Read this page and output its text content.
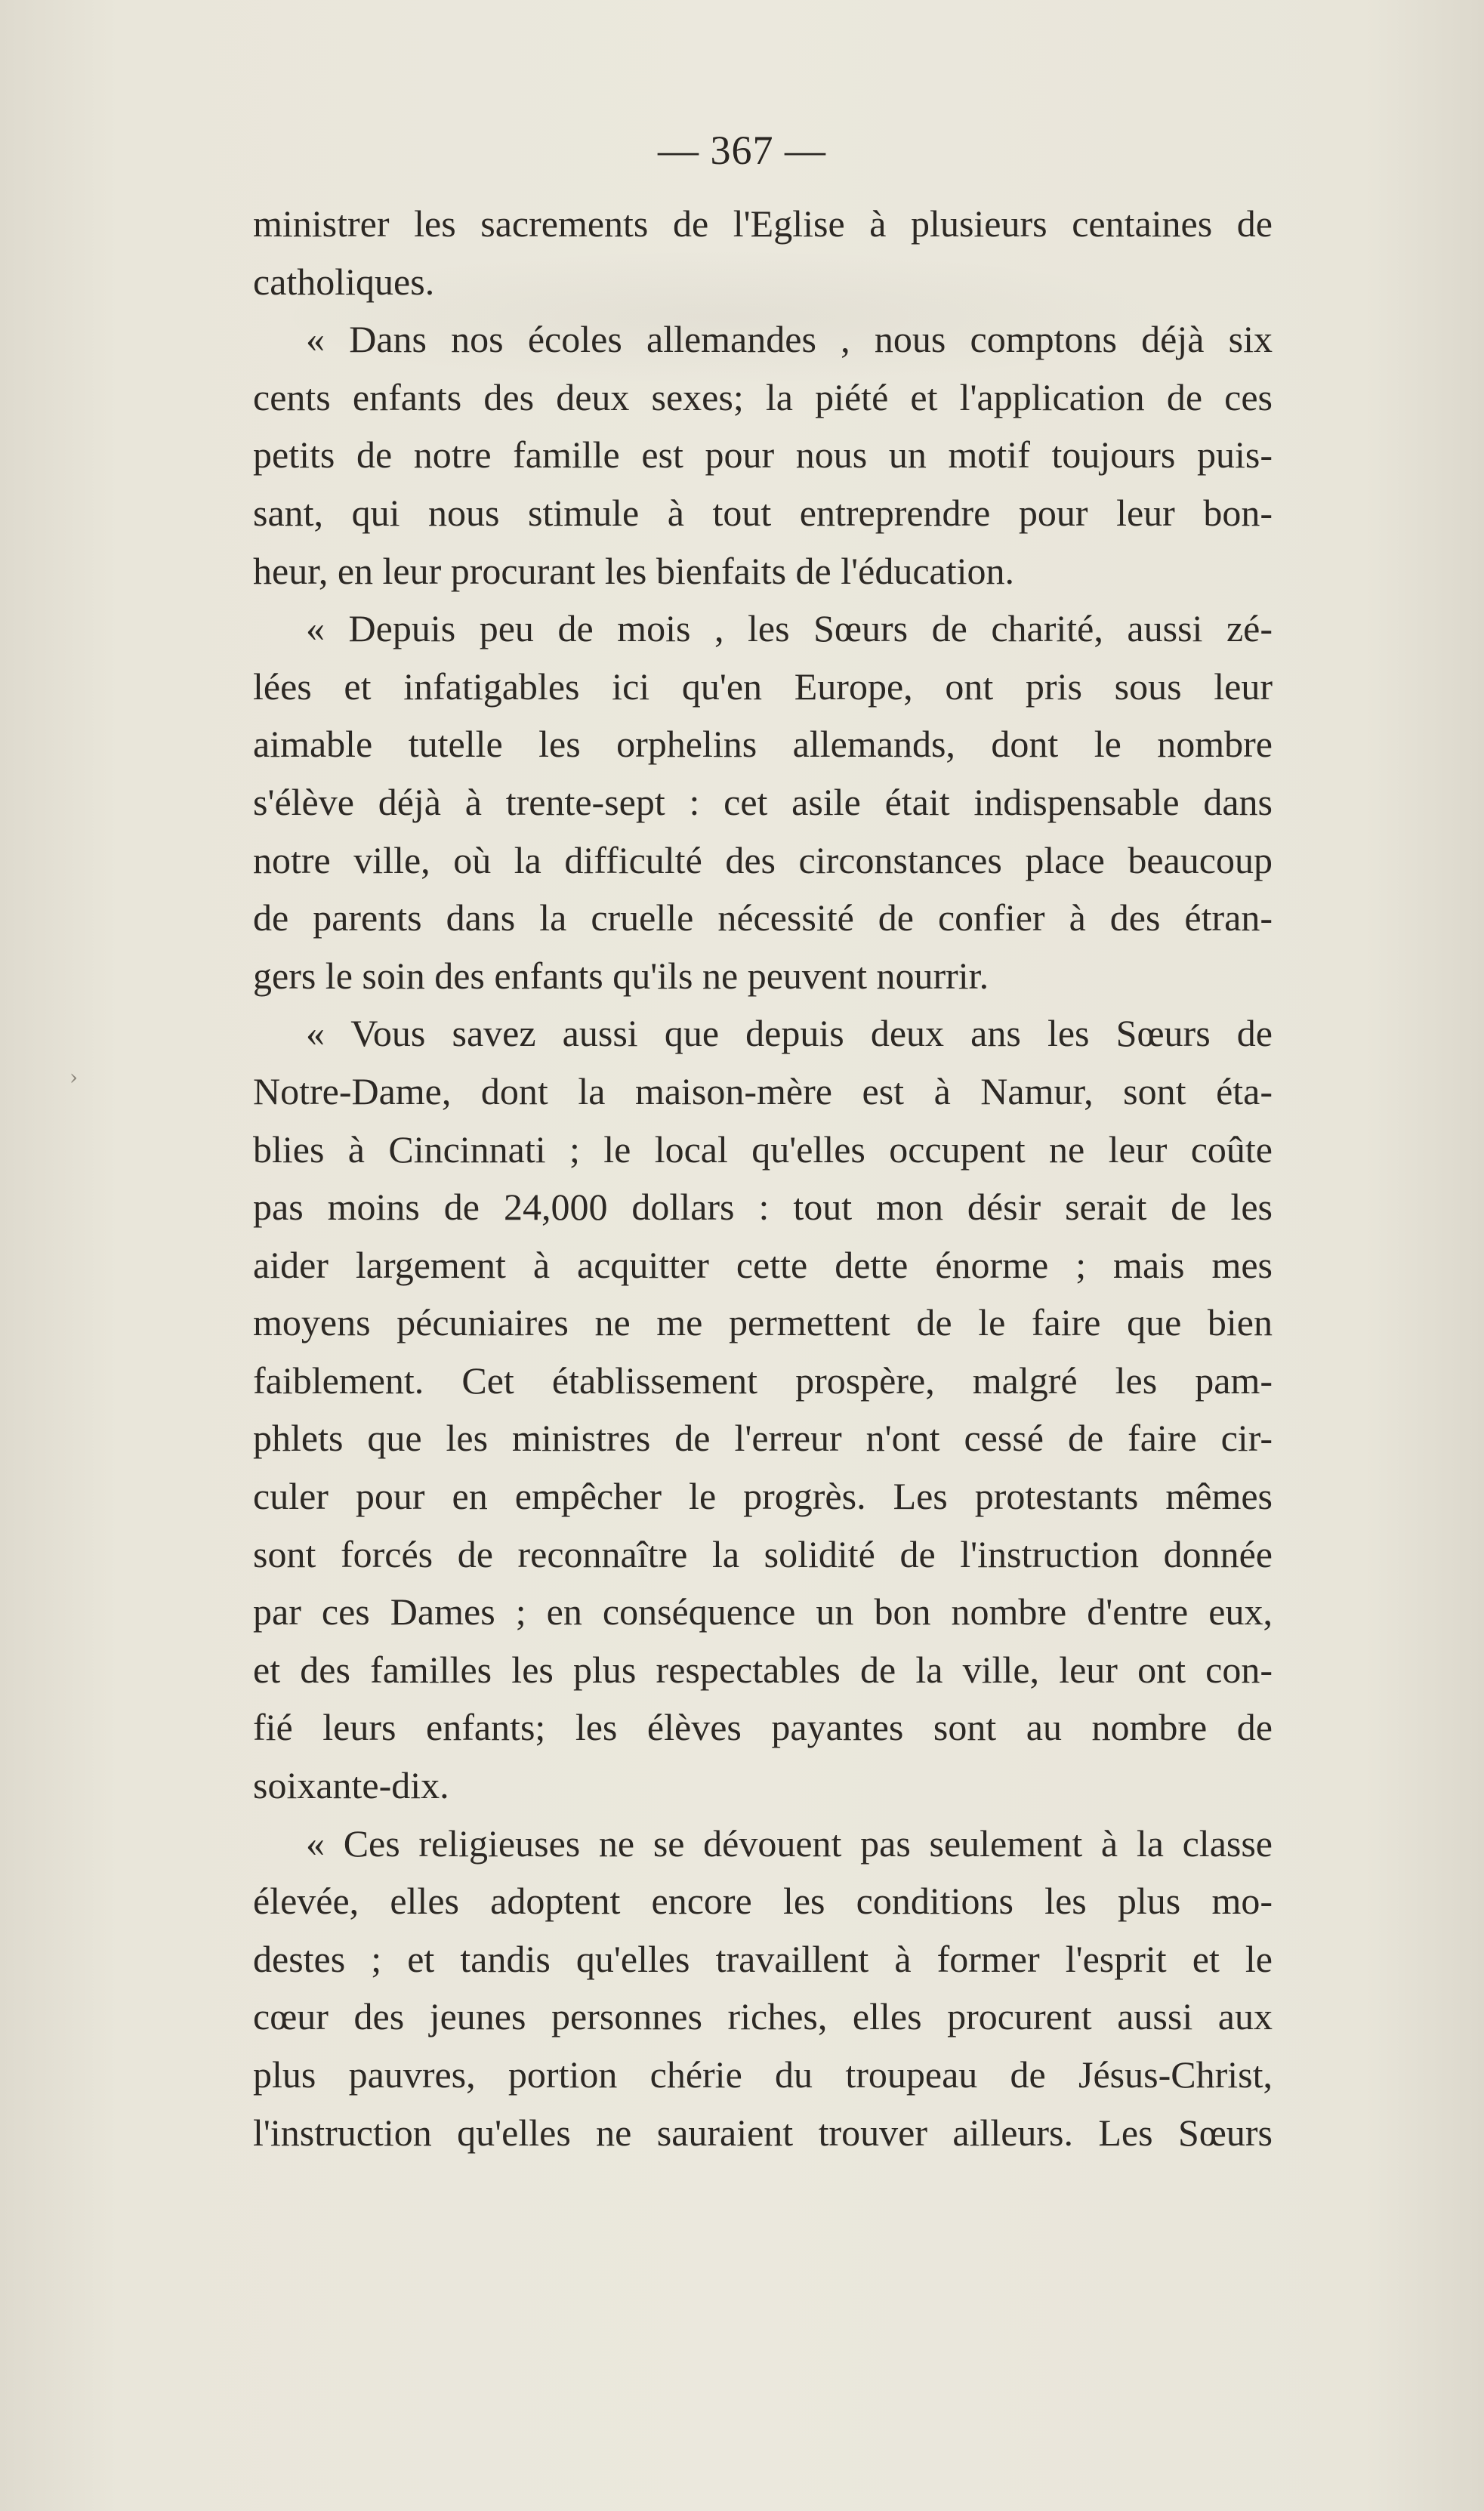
— 367 —
›
ministrer les sacrements de l'Eglise à plusieurs centaines de
catholiques.
« Dans nos écoles allemandes , nous comptons déjà six
cents enfants des deux sexes; la piété et l'application de ces
petits de notre famille est pour nous un motif toujours puis-
sant, qui nous stimule à tout entreprendre pour leur bon-
heur, en leur procurant les bienfaits de l'éducation.
« Depuis peu de mois , les Sœurs de charité, aussi zé-
lées et infatigables ici qu'en Europe, ont pris sous leur
aimable tutelle les orphelins allemands, dont le nombre
s'élève déjà à trente-sept : cet asile était indispensable dans
notre ville, où la difficulté des circonstances place beaucoup
de parents dans la cruelle nécessité de confier à des étran-
gers le soin des enfants qu'ils ne peuvent nourrir.
« Vous savez aussi que depuis deux ans les Sœurs de
Notre-Dame, dont la maison-mère est à Namur, sont éta-
blies à Cincinnati ; le local qu'elles occupent ne leur coûte
pas moins de 24,000 dollars : tout mon désir serait de les
aider largement à acquitter cette dette énorme ; mais mes
moyens pécuniaires ne me permettent de le faire que bien
faiblement. Cet établissement prospère, malgré les pam-
phlets que les ministres de l'erreur n'ont cessé de faire cir-
culer pour en empêcher le progrès. Les protestants mêmes
sont forcés de reconnaître la solidité de l'instruction donnée
par ces Dames ; en conséquence un bon nombre d'entre eux,
et des familles les plus respectables de la ville, leur ont con-
fié leurs enfants; les élèves payantes sont au nombre de
soixante-dix.
« Ces religieuses ne se dévouent pas seulement à la classe
élevée, elles adoptent encore les conditions les plus mo-
destes ; et tandis qu'elles travaillent à former l'esprit et le
cœur des jeunes personnes riches, elles procurent aussi aux
plus pauvres, portion chérie du troupeau de Jésus-Christ,
l'instruction qu'elles ne sauraient trouver ailleurs. Les Sœurs
